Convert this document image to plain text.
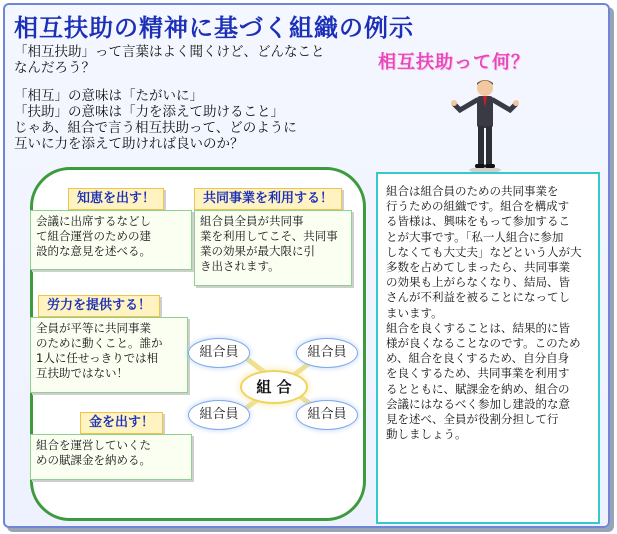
相互扶助の精神に基づく組織の例示
「相互扶助」って言葉はよく聞くけど、どんなこと
なんだろう？
「相互」の意味は「たがいに」
「扶助」の意味は「力を添えて助けること」
じゃあ、組合で言う相互扶助って、どのように
互いに力を添えて助ければ良いのか？
相互扶助って何？
知恵を出す！
会議に出席するなどし
て組合運営のための建
設的な意見を述べる。
共同事業を利用する！
組合員全員が共同事
業を利用してこそ、共同事
業の効果が最大限に引
き出されます。
労力を提供する！
全員が平等に共同事業
のために動くこと。誰か
1人に任せっきりでは相
互扶助ではない！
金を出す！
組合を運営していくた
めの賦課金を納める。
組合員	組合員
組 合
組合員	組合員
組合は組合員のための共同事業を
行うための組織です。組合を構成す
る皆様は、興味をもって参加するこ
とが大事です。「私一人組合に参加
しなくても大丈夫」などという人が大
多数を占めてしまったら、共同事業
の効果も上がらなくなり、結局、皆
さんが不利益を被ることになってし
まいます。
組合を良くすることは、結果的に皆
様が良くなることなのです。このため
め、組合を良くするため、自分自身
を良くするため、共同事業を利用す
るとともに、賦課金を納め、組合の
会議にはなるべく参加し建設的な意
見を述べ、全員が役割分担して行
動しましょう。
